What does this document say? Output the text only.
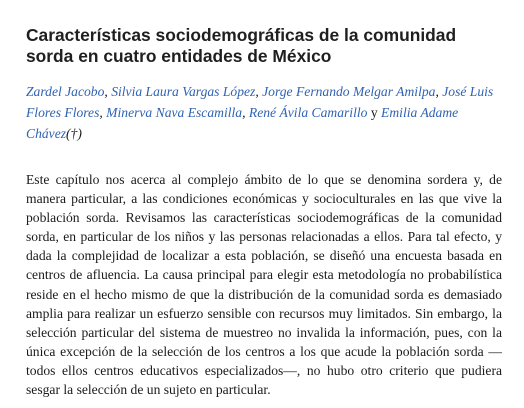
Características sociodemográficas de la comunidad sorda en cuatro entidades de México
Zardel Jacobo, Silvia Laura Vargas López, Jorge Fernando Melgar Amilpa, José Luis Flores Flores, Minerva Nava Escamilla, René Ávila Camarillo y Emilia Adame Chávez(†)

Este capítulo nos acerca al complejo ámbito de lo que se denomina sordera y, de manera particular, a las condiciones económicas y socioculturales en las que vive la población sorda. Revisamos las características sociodemográficas de la comunidad sorda, en particular de los niños y las personas relacionadas a ellos. Para tal efecto, y dada la complejidad de localizar a esta población, se diseñó una encuesta basada en centros de afluencia. La causa principal para elegir esta metodología no probabilística reside en el hecho mismo de que la distribución de la comunidad sorda es demasiado amplia para realizar un esfuerzo sensible con recursos muy limitados. Sin embargo, la selección particular del sistema de muestreo no invalida la información, pues, con la única excepción de la selección de los centros a los que acude la población sorda —todos ellos centros educativos especializados—, no hubo otro criterio que pudiera sesgar la selección de un sujeto en particular.
